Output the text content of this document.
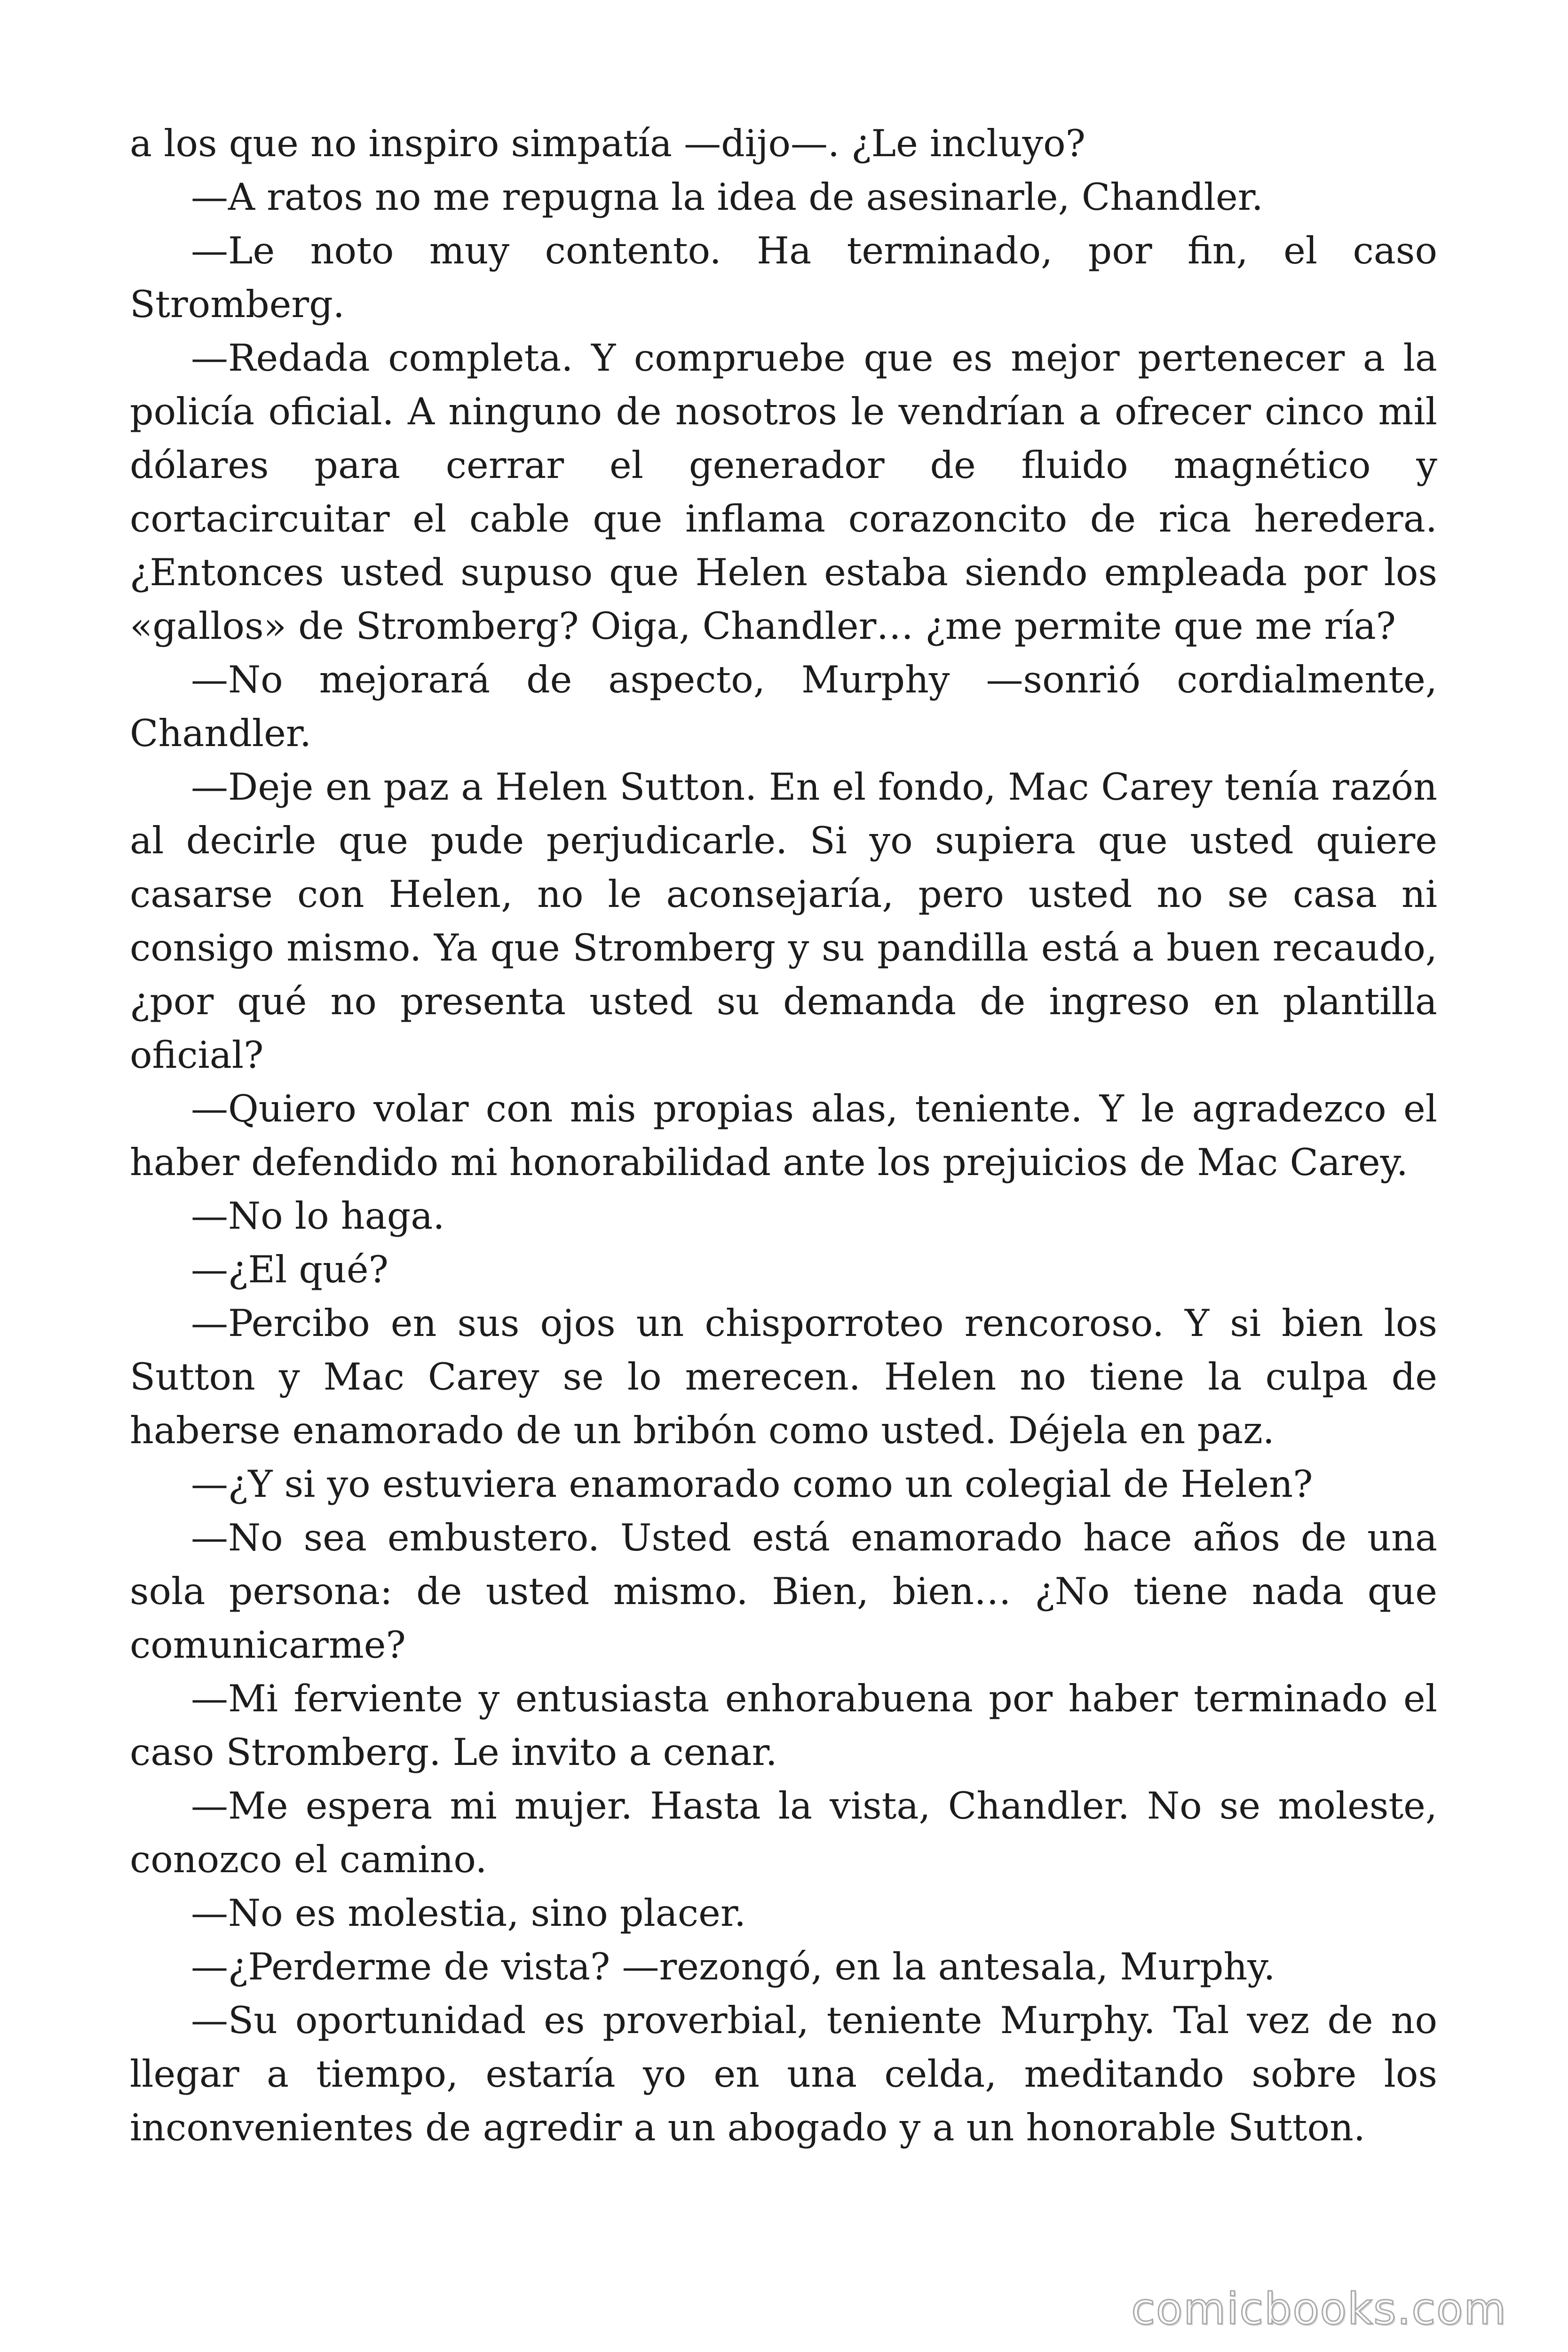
a los que no inspiro simpatía —dijo—. ¿Le incluyo?

—A ratos no me repugna la idea de asesinarle, Chandler.

—Le noto muy contento. Ha terminado, por fin, el caso Stromberg.

—Redada completa. Y compruebe que es mejor pertenecer a la policía oficial. A ninguno de nosotros le vendrían a ofrecer cinco mil dólares para cerrar el generador de fluido magnético y cortacircuitar el cable que inflama corazoncito de rica heredera. ¿Entonces usted supuso que Helen estaba siendo empleada por los «gallos» de Stromberg? Oiga, Chandler… ¿me permite que me ría?

—No mejorará de aspecto, Murphy —sonrió cordialmente, Chandler.

—Deje en paz a Helen Sutton. En el fondo, Mac Carey tenía razón al decirle que pude perjudicarle. Si yo supiera que usted quiere casarse con Helen, no le aconsejaría, pero usted no se casa ni consigo mismo. Ya que Stromberg y su pandilla está a buen recaudo, ¿por qué no presenta usted su demanda de ingreso en plantilla oficial?

—Quiero volar con mis propias alas, teniente. Y le agradezco el haber defendido mi honorabilidad ante los prejuicios de Mac Carey.

—No lo haga.

—¿El qué?

—Percibo en sus ojos un chisporroteo rencoroso. Y si bien los Sutton y Mac Carey se lo merecen. Helen no tiene la culpa de haberse enamorado de un bribón como usted. Déjela en paz.

—¿Y si yo estuviera enamorado como un colegial de Helen?

—No sea embustero. Usted está enamorado hace años de una sola persona: de usted mismo. Bien, bien… ¿No tiene nada que comunicarme?

—Mi ferviente y entusiasta enhorabuena por haber terminado el caso Stromberg. Le invito a cenar.

—Me espera mi mujer. Hasta la vista, Chandler. No se moleste, conozco el camino.

—No es molestia, sino placer.

—¿Perderme de vista? —rezongó, en la antesala, Murphy.

—Su oportunidad es proverbial, teniente Murphy. Tal vez de no llegar a tiempo, estaría yo en una celda, meditando sobre los inconvenientes de agredir a un abogado y a un honorable Sutton.

comicbooks.com
